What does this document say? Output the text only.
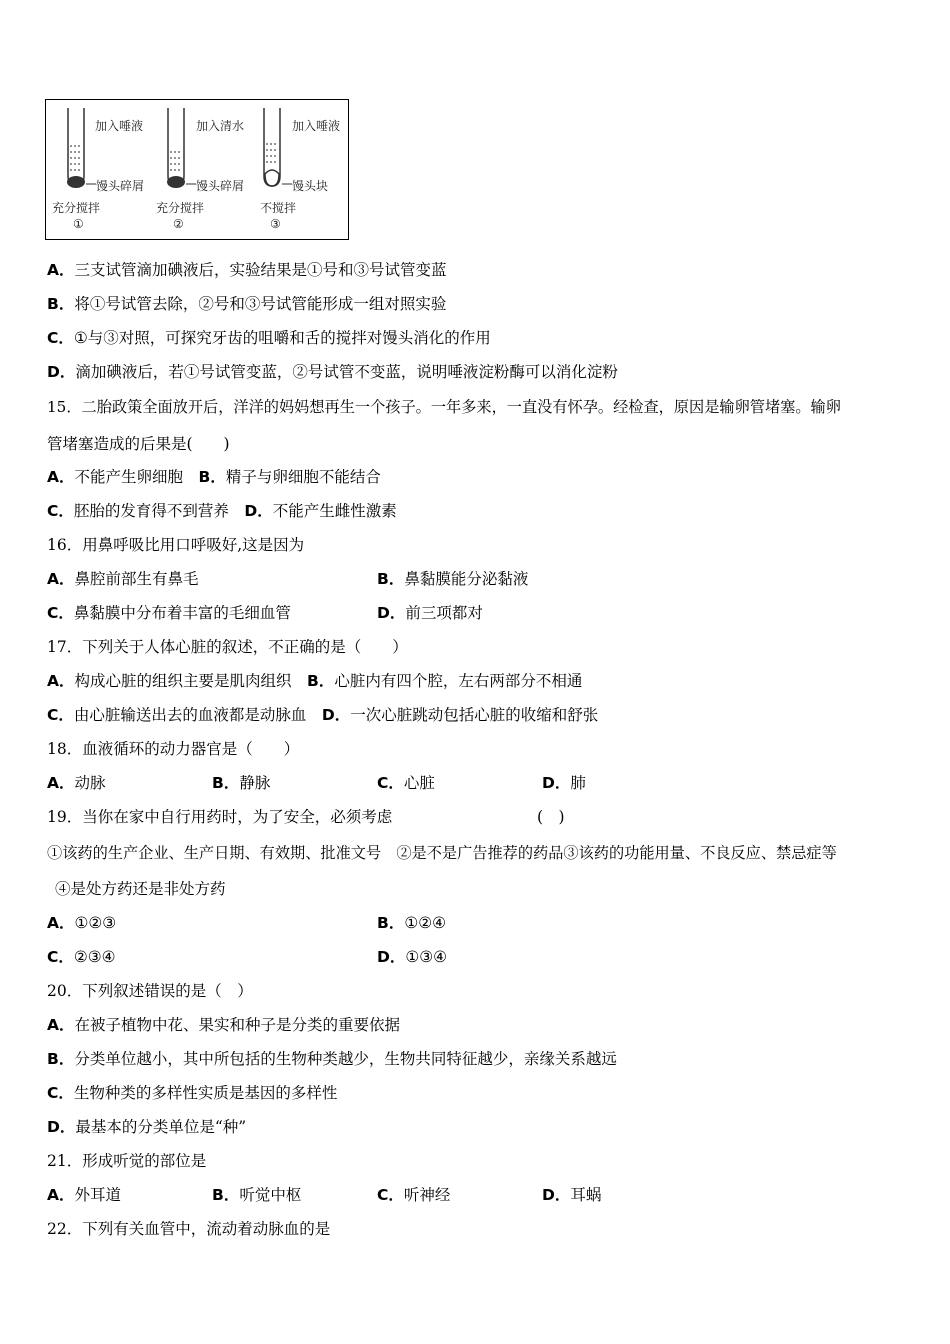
加入唾液
馒头碎屑
充分搅拌
①
加入清水
馒头碎屑
充分搅拌
②
加入唾液
馒头块
不搅拌
③
A．三支试管滴加碘液后，实验结果是①号和③号试管变蓝
B．将①号试管去除，②号和③号试管能形成一组对照实验
C．①与③对照，可探究牙齿的咀嚼和舌的搅拌对馒头消化的作用
D．滴加碘液后，若①号试管变蓝，②号试管不变蓝，说明唾液淀粉酶可以消化淀粉
15．二胎政策全面放开后，洋洋的妈妈想再生一个孩子。一年多来，一直没有怀孕。经检查，原因是输卵管堵塞。输卵
管堵塞造成的后果是(　　)
A．不能产生卵细胞　 B．精子与卵细胞不能结合
C．胚胎的发育得不到营养　 D．不能产生雌性激素
16．用鼻呼吸比用口呼吸好,这是因为
A．鼻腔前部生有鼻毛	B．鼻黏膜能分泌黏液
C．鼻黏膜中分布着丰富的毛细血管	D．前三项都对
17．下列关于人体心脏的叙述，不正确的是（　　）
A．构成心脏的组织主要是肌肉组织　 B．心脏内有四个腔，左右两部分不相通
C．由心脏输送出去的血液都是动脉血　 D．一次心脏跳动包括心脏的收缩和舒张
18．血液循环的动力器官是（　　）
A．动脉	B．静脉	C．心脏	D．肺
19．当你在家中自行用药时，为了安全，必须考虑	(　)
①该药的生产企业、生产日期、有效期、批准文号　②是不是广告推荐的药品③该药的功能用量、不良反应、禁忌症等
④是处方药还是非处方药
A．①②③	B．①②④
C．②③④	D．①③④
20．下列叙述错误的是（　）
A．在被子植物中花、果实和种子是分类的重要依据
B．分类单位越小，其中所包括的生物种类越少，生物共同特征越少，亲缘关系越远
C．生物种类的多样性实质是基因的多样性
D．最基本的分类单位是“种”
21．形成听觉的部位是
A．外耳道	B．听觉中枢	C．听神经	D．耳蜗
22．下列有关血管中，流动着动脉血的是
